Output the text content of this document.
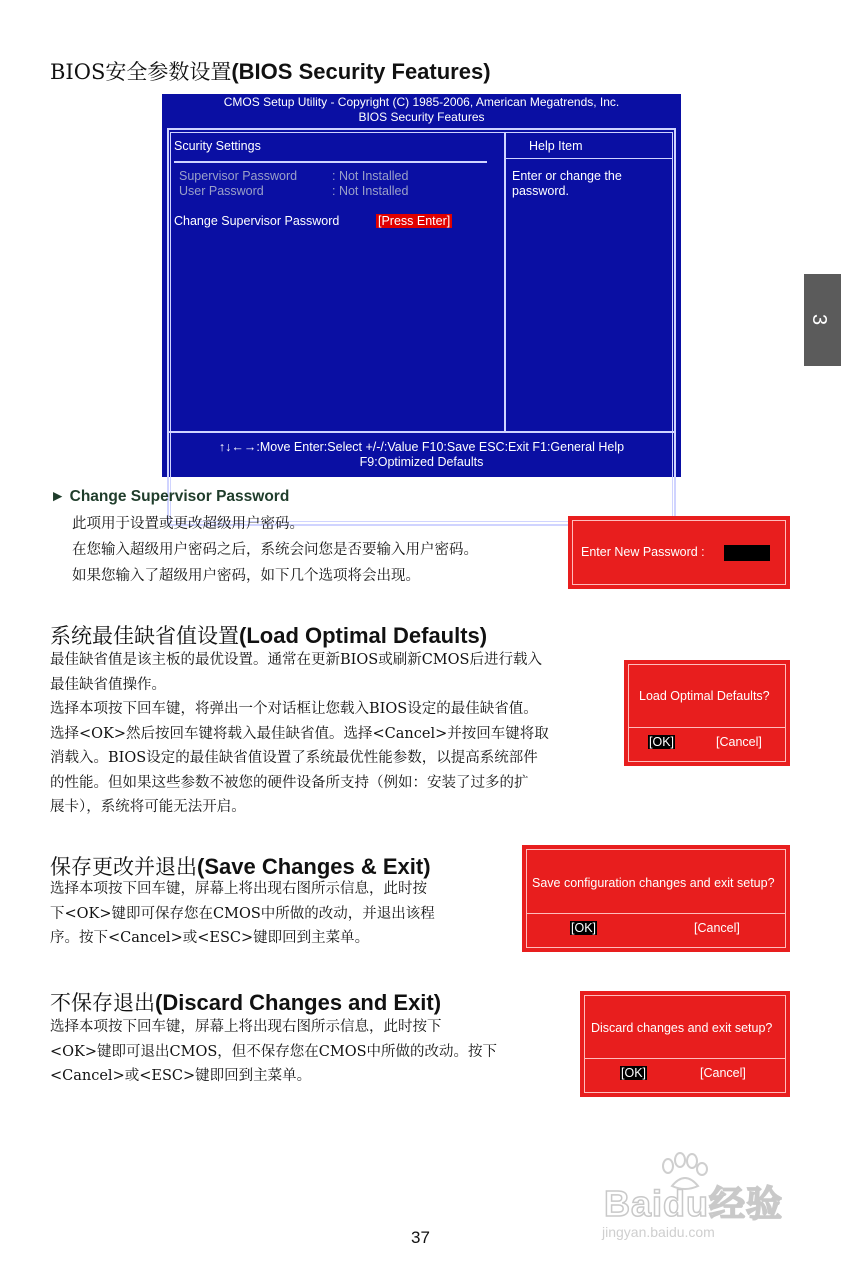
BIOS安全参数设置(BIOS Security Features)
CMOS Setup Utility - Copyright (C) 1985-2006, American Megatrends, Inc.
BIOS Security Features
Scurity Settings	Help Item
Supervisor Password	: Not Installed
User Password	: Not Installed
Change Supervisor Password	[Press Enter]
Enter or change the
password.
↑↓←→:Move Enter:Select +/-/:Value F10:Save ESC:Exit F1:General Help
F9:Optimized Defaults
3
► Change Supervisor Password

此项用于设置或更改超级用户密码。

在您输入超级用户密码之后，系统会问您是否要输入用户密码。

如果您输入了超级用户密码，如下几个选项将会出现。

Enter New Password :
系统最佳缺省值设置(Load Optimal Defaults)

最佳缺省值是该主板的最优设置。通常在更新BIOS或刷新CMOS后进行载入

最佳缺省值操作。

选择本项按下回车键，将弹出一个对话框让您载入BIOS设定的最佳缺省值。

选择<OK>然后按回车键将载入最佳缺省值。选择<Cancel>并按回车键将取

消载入。BIOS设定的最佳缺省值设置了系统最优性能参数，以提高系统部件

的性能。但如果这些参数不被您的硬件设备所支持（例如：安装了过多的扩

展卡），系统将可能无法开启。

Load Optimal Defaults?
[OK]	[Cancel]
保存更改并退出(Save Changes & Exit)

选择本项按下回车键，屏幕上将出现右图所示信息，此时按

下<OK>键即可保存您在CMOS中所做的改动，并退出该程

序。按下<Cancel>或<ESC>键即回到主菜单。

Save configuration changes and exit setup?
[OK]	[Cancel]
不保存退出(Discard Changes and Exit)

选择本项按下回车键，屏幕上将出现右图所示信息，此时按下

<OK>键即可退出CMOS，但不保存您在CMOS中所做的改动。按下

<Cancel>或<ESC>键即回到主菜单。

Discard changes and exit setup?
[OK]	[Cancel]
Baidu经验
jingyan.baidu.com
37
